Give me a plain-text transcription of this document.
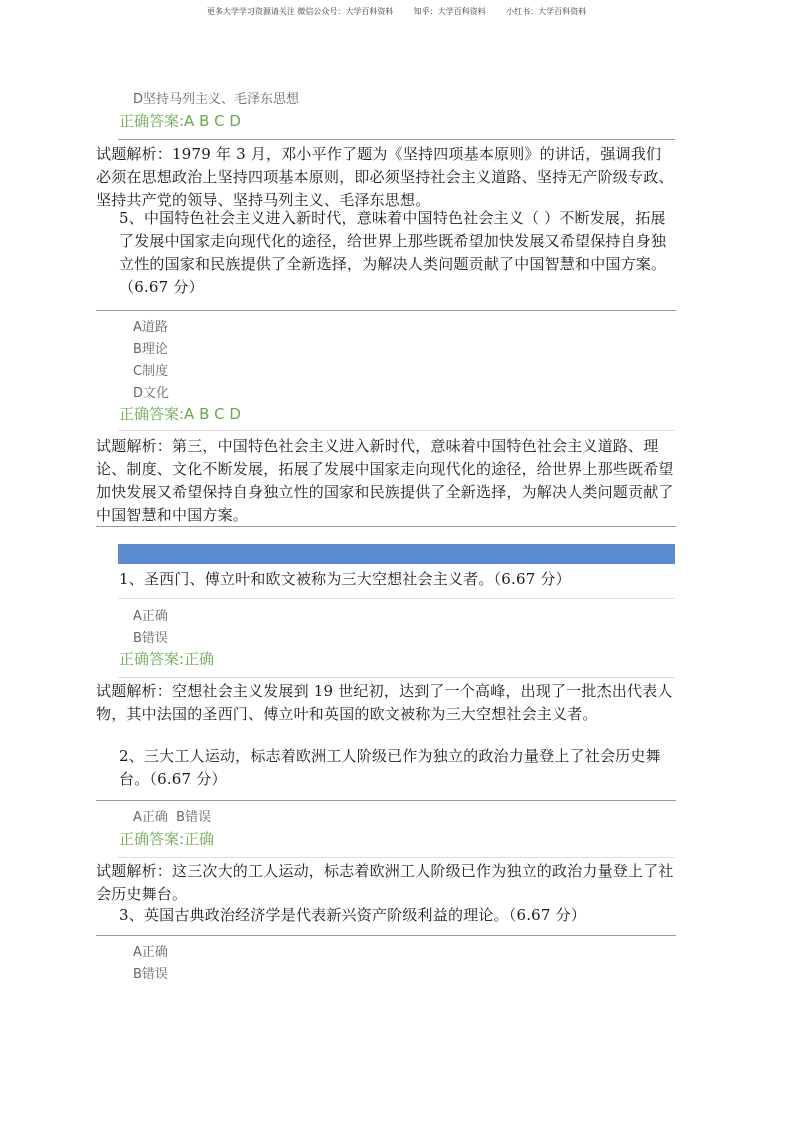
更多大学学习资源请关注 微信公众号：大学百科资料        知乎：大学百科资料        小红书：大学百科资料
D坚持马列主义、毛泽东思想
正确答案:A B C D
试题解析：1979 年 3 月，邓小平作了题为《坚持四项基本原则》的讲话，强调我们必须在思想政治上坚持四项基本原则，即必须坚持社会主义道路、坚持无产阶级专政、坚持共产党的领导、坚持马列主义、毛泽东思想。
5、中国特色社会主义进入新时代，意味着中国特色社会主义（ ）不断发展，拓展了发展中国家走向现代化的途径，给世界上那些既希望加快发展又希望保持自身独立性的国家和民族提供了全新选择，为解决人类问题贡献了中国智慧和中国方案。（6.67 分）
A道路
B理论
C制度
D文化
正确答案:A B C D
试题解析：第三，中国特色社会主义进入新时代，意味着中国特色社会主义道路、理论、制度、文化不断发展，拓展了发展中国家走向现代化的途径，给世界上那些既希望加快发展又希望保持自身独立性的国家和民族提供了全新选择，为解决人类问题贡献了中国智慧和中国方案。
1、圣西门、傅立叶和欧文被称为三大空想社会主义者。（6.67 分）
A正确
B错误
正确答案:正确
试题解析：空想社会主义发展到 19 世纪初，达到了一个高峰，出现了一批杰出代表人物，其中法国的圣西门、傅立叶和英国的欧文被称为三大空想社会主义者。
2、三大工人运动，标志着欧洲工人阶级已作为独立的政治力量登上了社会历史舞台。（6.67 分）
A正确  B错误
正确答案:正确
试题解析：这三次大的工人运动，标志着欧洲工人阶级已作为独立的政治力量登上了社会历史舞台。
3、英国古典政治经济学是代表新兴资产阶级利益的理论。（6.67 分）
A正确
B错误
